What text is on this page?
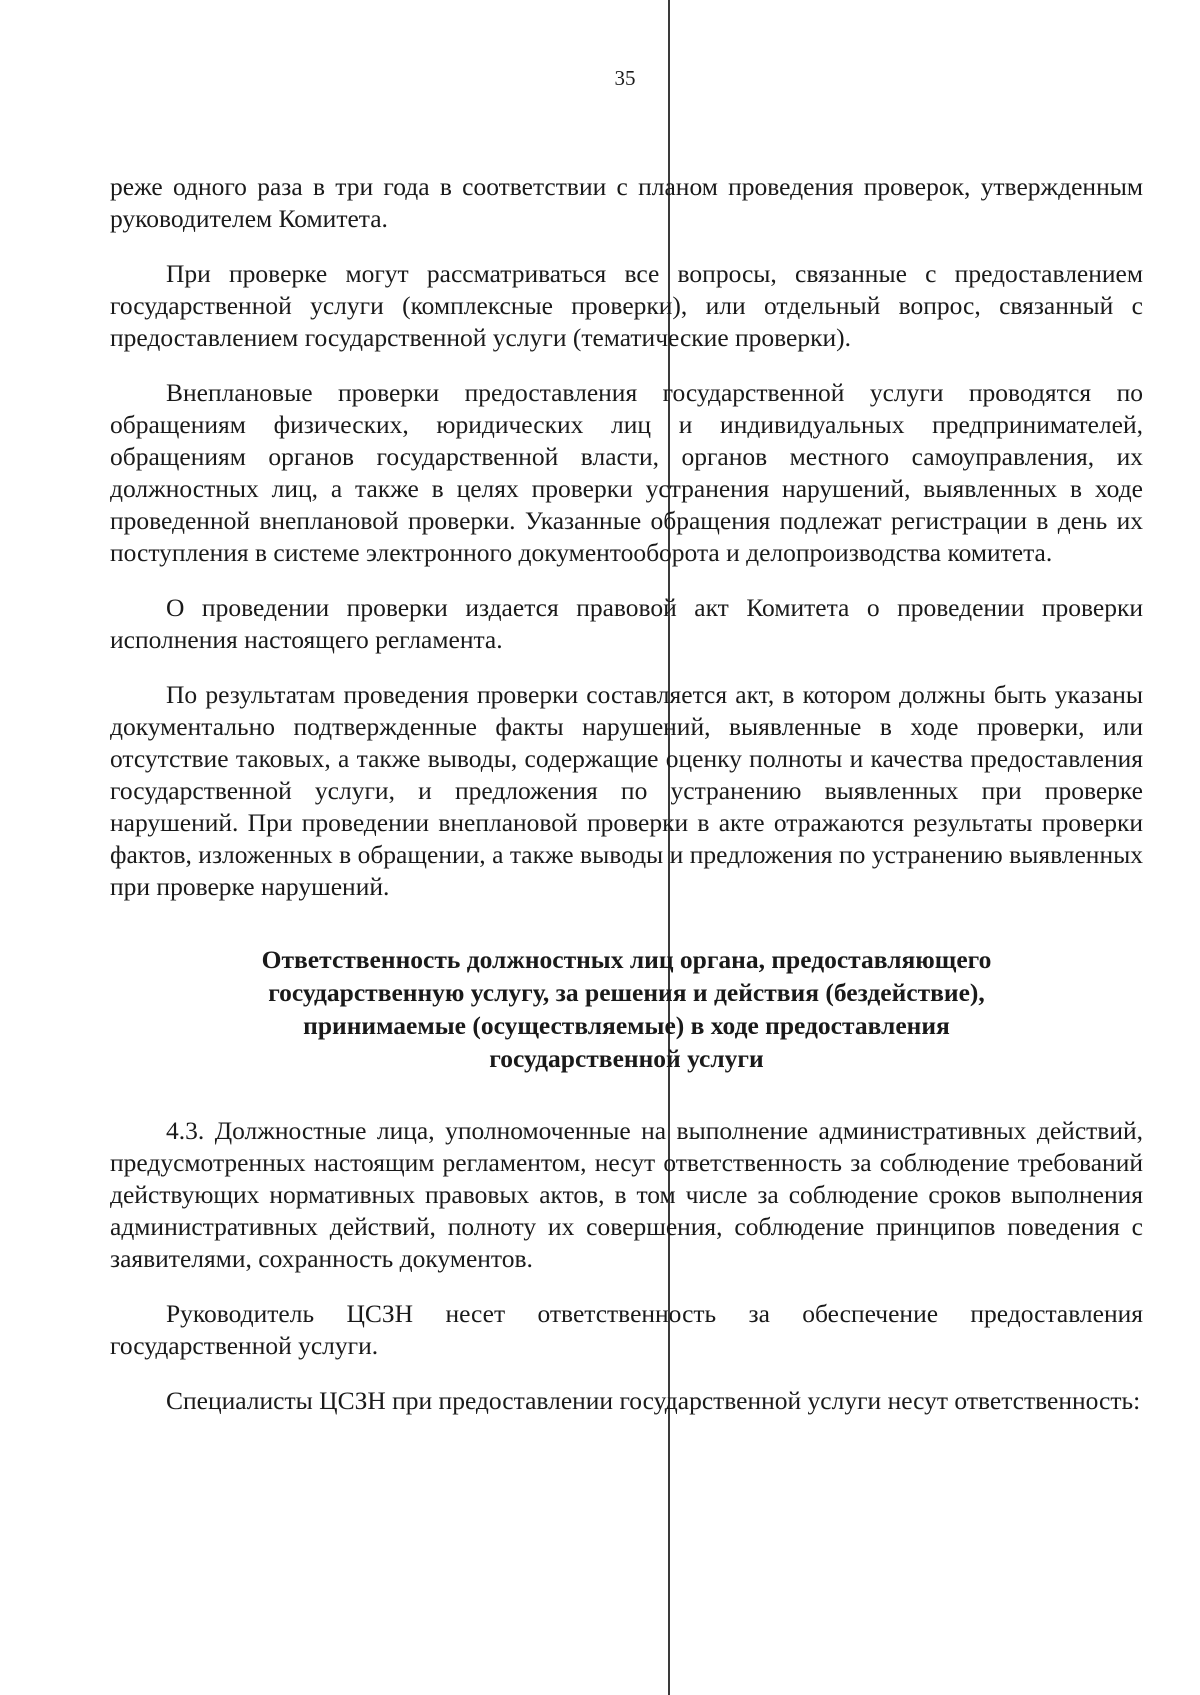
35

реже одного раза в три года в соответствии с планом проведения проверок, утвержденным руководителем Комитета.

При проверке могут рассматриваться все вопросы, связанные с предоставлением государственной услуги (комплексные проверки), или отдельный вопрос, связанный с предоставлением государственной услуги (тематические проверки).

Внеплановые проверки предоставления государственной услуги проводятся по обращениям физических, юридических лиц и индивидуальных предпринимателей, обращениям органов государственной власти, органов местного самоуправления, их должностных лиц, а также в целях проверки устранения нарушений, выявленных в ходе проведенной внеплановой проверки. Указанные обращения подлежат регистрации в день их поступления в системе электронного документооборота и делопроизводства комитета.

О проведении проверки издается правовой акт Комитета о проведении проверки исполнения настоящего регламента.

По результатам проведения проверки составляется акт, в котором должны быть указаны документально подтвержденные факты нарушений, выявленные в ходе проверки, или отсутствие таковых, а также выводы, содержащие оценку полноты и качества предоставления государственной услуги, и предложения по устранению выявленных при проверке нарушений. При проведении внеплановой проверки в акте отражаются результаты проверки фактов, изложенных в обращении, а также выводы и предложения по устранению выявленных при проверке нарушений.

Ответственность должностных лиц органа, предоставляющего
государственную услугу, за решения и действия (бездействие),
принимаемые (осуществляемые) в ходе предоставления
государственной услуги

4.3. Должностные лица, уполномоченные на выполнение административных действий, предусмотренных настоящим регламентом, несут ответственность за соблюдение требований действующих нормативных правовых актов, в том числе за соблюдение сроков выполнения административных действий, полноту их совершения, соблюдение принципов поведения с заявителями, сохранность документов.

Руководитель ЦСЗН несет ответственность за обеспечение предоставления государственной услуги.

Специалисты ЦСЗН при предоставлении государственной услуги несут ответственность:
